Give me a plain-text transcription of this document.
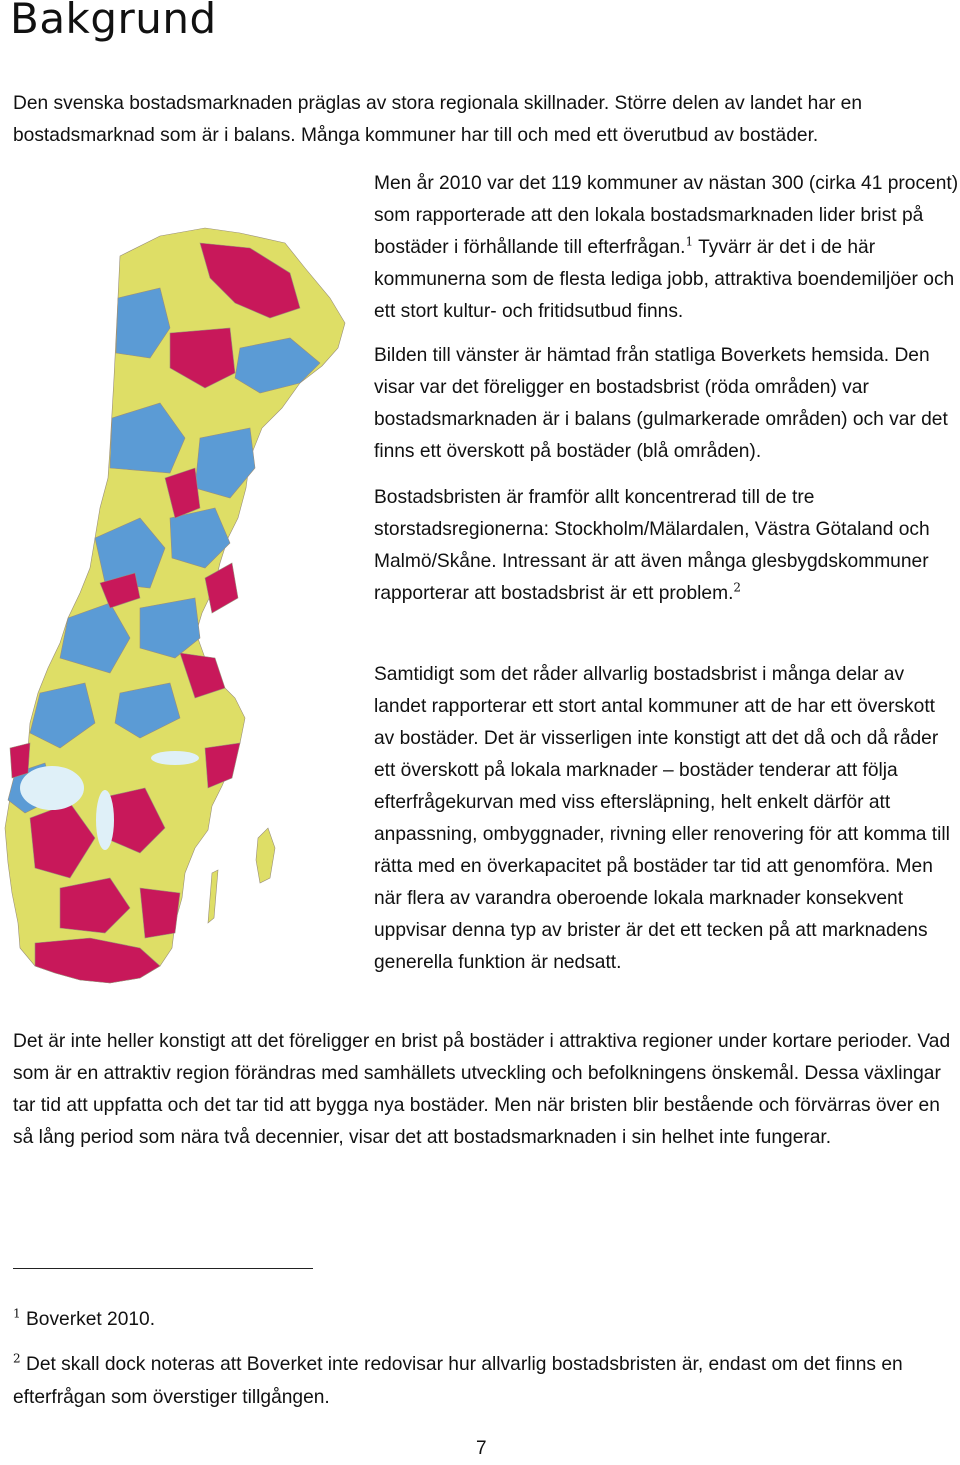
Bakgrund

Den svenska bostadsmarknaden präglas av stora regionala skillnader. Större delen av landet har en bostadsmarknad som är i balans. Många kommuner har till och med ett överutbud av bostäder.

Men år 2010 var det 119 kommuner av nästan 300 (cirka 41 procent) som rapporterade att den lokala bostadsmarknaden lider brist på bostäder i förhållande till efterfrågan.$^1$ Tyvärr är det i de här kommunerna som de flesta lediga jobb, attraktiva boendemiljöer och ett stort kultur- och fritidsutbud finns.

Bilden till vänster är hämtad från statliga Boverkets hemsida. Den visar var det föreligger en bostadsbrist (röda områden) var bostadsmarknaden är i balans (gulmarkerade områden) och var det finns ett överskott på bostäder (blå områden).

Bostadsbristen är framför allt koncentrerad till de tre storstadsregionerna: Stockholm/Mälardalen, Västra Götaland och Malmö/Skåne. Intressant är att även många glesbygdskommuner rapporterar att bostadsbrist är ett problem.$^2$

Samtidigt som det råder allvarlig bostadsbrist i många delar av landet rapporterar ett stort antal kommuner att de har ett överskott av bostäder. Det är visserligen inte konstigt att det då och då råder ett överskott på lokala marknader – bostäder tenderar att följa efterfrågekurvan med viss eftersläpning, helt enkelt därför att anpassning, ombyggnader, rivning eller renovering för att komma till rätta med en överkapacitet på bostäder tar tid att genomföra. Men när flera av varandra oberoende lokala marknader konsekvent uppvisar denna typ av brister är det ett tecken på att marknadens generella funktion är nedsatt.

Det är inte heller konstigt att det föreligger en brist på bostäder i attraktiva regioner under kortare perioder. Vad som är en attraktiv region förändras med samhällets utveckling och befolkningens önskemål. Dessa växlingar tar tid att uppfatta och det tar tid att bygga nya bostäder. Men när bristen blir bestående och förvärras över en så lång period som nära två decennier, visar det att bostadsmarknaden i sin helhet inte fungerar.

$^1$ Boverket 2010.

$^2$ Det skall dock noteras att Boverket inte redovisar hur allvarlig bostadsbristen är, endast om det finns en efterfrågan som överstiger tillgången.

7
